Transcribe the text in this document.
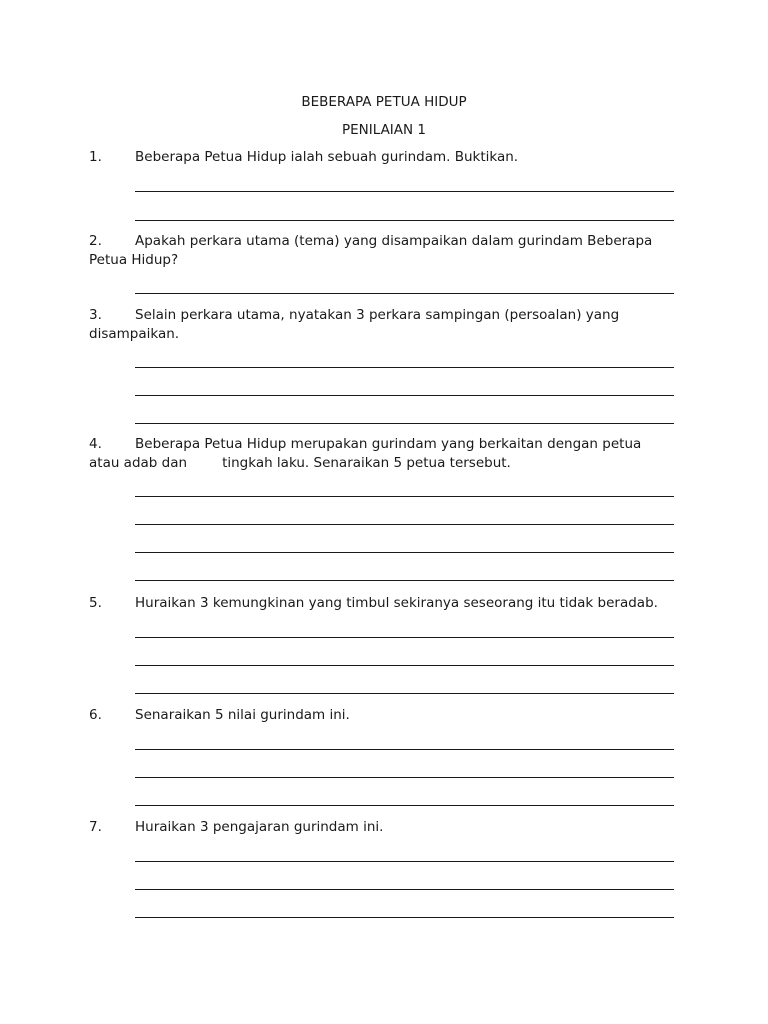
BEBERAPA PETUA HIDUP
PENILAIAN 1
1. Beberapa Petua Hidup ialah sebuah gurindam. Buktikan.
2. Apakah perkara utama (tema) yang disampaikan dalam gurindam Beberapa Petua Hidup?
3. Selain perkara utama, nyatakan 3 perkara sampingan (persoalan) yang disampaikan.
4. Beberapa Petua Hidup merupakan gurindam yang berkaitan dengan petua atau adab dan	tingkah laku. Senaraikan 5 petua tersebut.
5. Huraikan 3 kemungkinan yang timbul sekiranya seseorang itu tidak beradab.
6. Senaraikan 5 nilai gurindam ini.
7. Huraikan 3 pengajaran gurindam ini.
